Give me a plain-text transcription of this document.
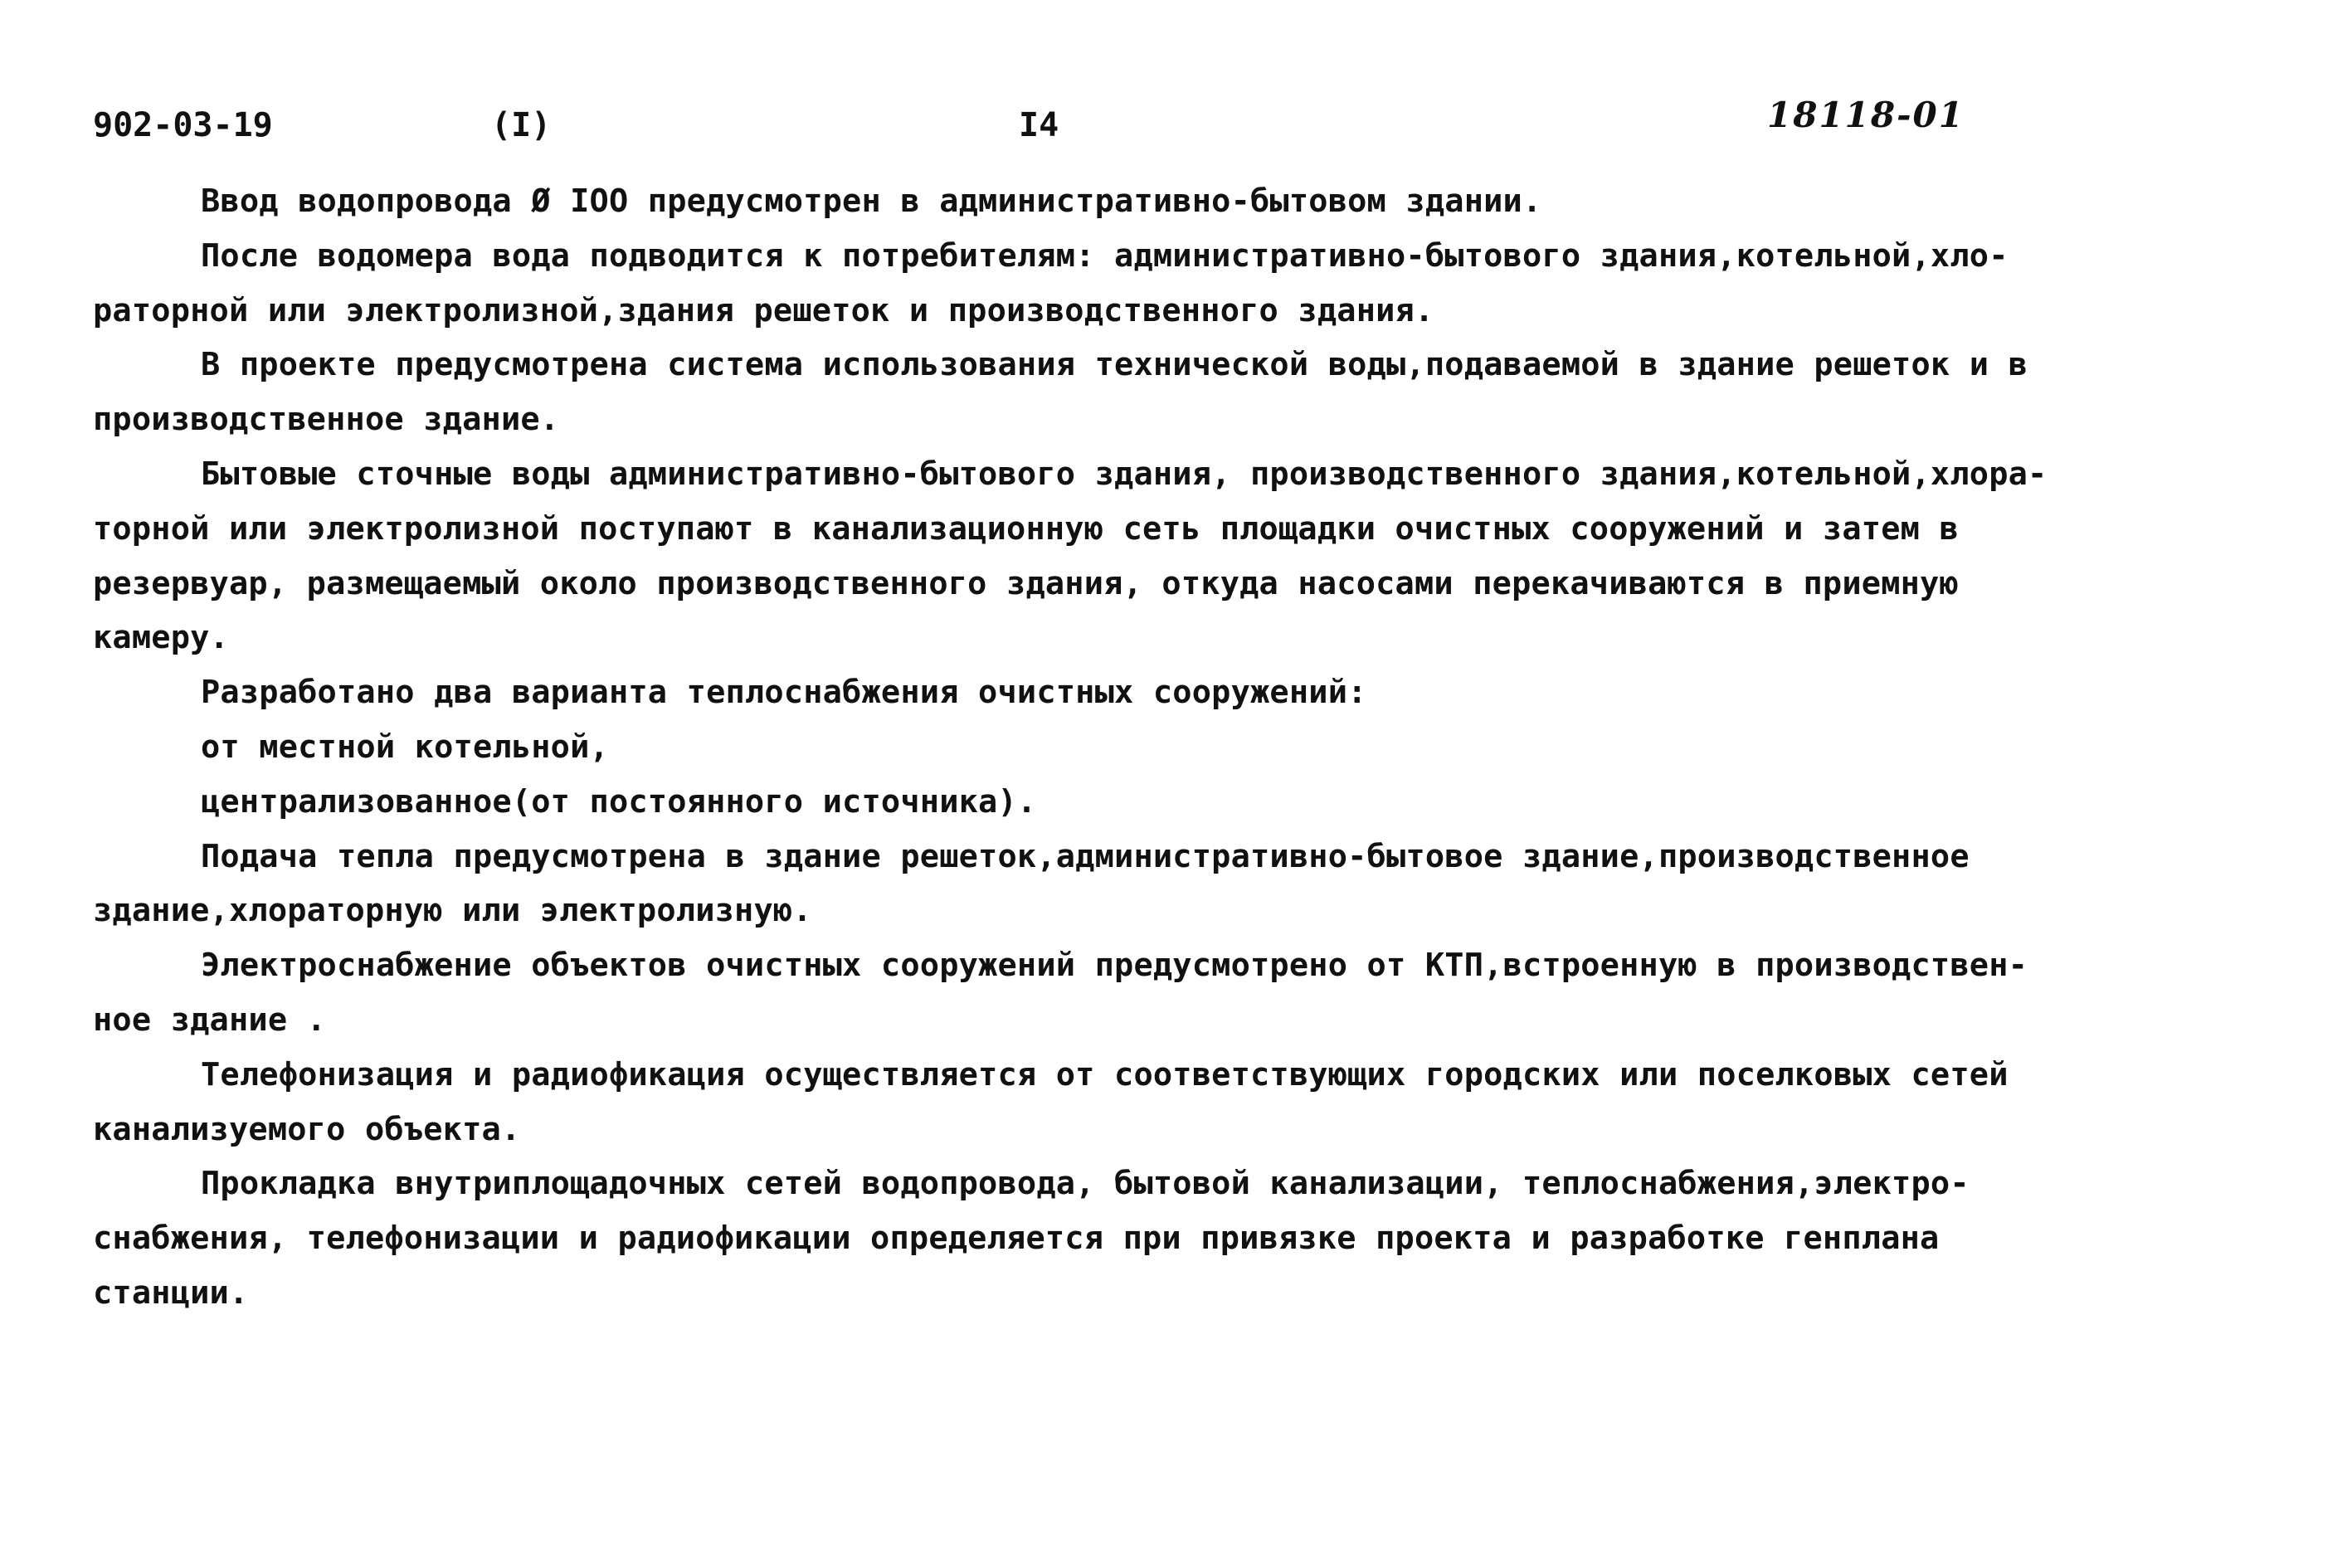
902-03-19	(I)	I4	18118-01
Ввод водопровода Ø IOO предусмотрен в административно-бытовом здании.
После водомера вода подводится к потребителям: административно-бытового здания,котельной,хло-
раторной или электролизной,здания решеток и производственного здания.
В проекте предусмотрена система использования технической воды,подаваемой в здание решеток и в
производственное здание.
Бытовые сточные воды административно-бытового здания, производственного здания,котельной,хлора-
торной или электролизной поступают в канализационную сеть площадки очистных сооружений и затем в
резервуар, размещаемый около производственного здания, откуда насосами перекачиваются в приемную
камеру.
Разработано два варианта теплоснабжения очистных сооружений:
от местной котельной,
централизованное(от постоянного источника).
Подача тепла предусмотрена в здание решеток,административно-бытовое здание,производственное
здание,хлораторную или электролизную.
Электроснабжение объектов очистных сооружений предусмотрено от КТП,встроенную в производствен-
ное здание .
Телефонизация и радиофикация осуществляется от соответствующих городских или поселковых сетей
канализуемого объекта.
Прокладка внутриплощадочных сетей водопровода, бытовой канализации, теплоснабжения,электро-
снабжения, телефонизации и радиофикации определяется при привязке проекта и разработке генплана
станции.
